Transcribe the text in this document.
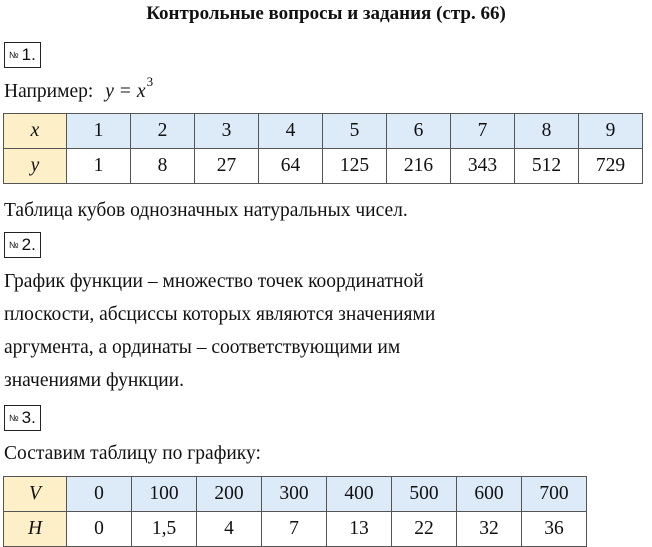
Контрольные вопросы и задания (стр. 66)
№ 1.
Например: y = x 3
x	1	2	3	4	5	6	7	8	9
y	1	8	27	64	125	216	343	512	729
Таблица кубов однозначных натуральных чисел.
№ 2.
График функции – множество точек координатной
плоскости, абсциссы которых являются значениями
аргумента, а ординаты – соответствующими им
значениями функции.
№ 3.
Составим таблицу по графику:
V	0	100	200	300	400	500	600	700
H	0	1,5	4	7	13	22	32	36
